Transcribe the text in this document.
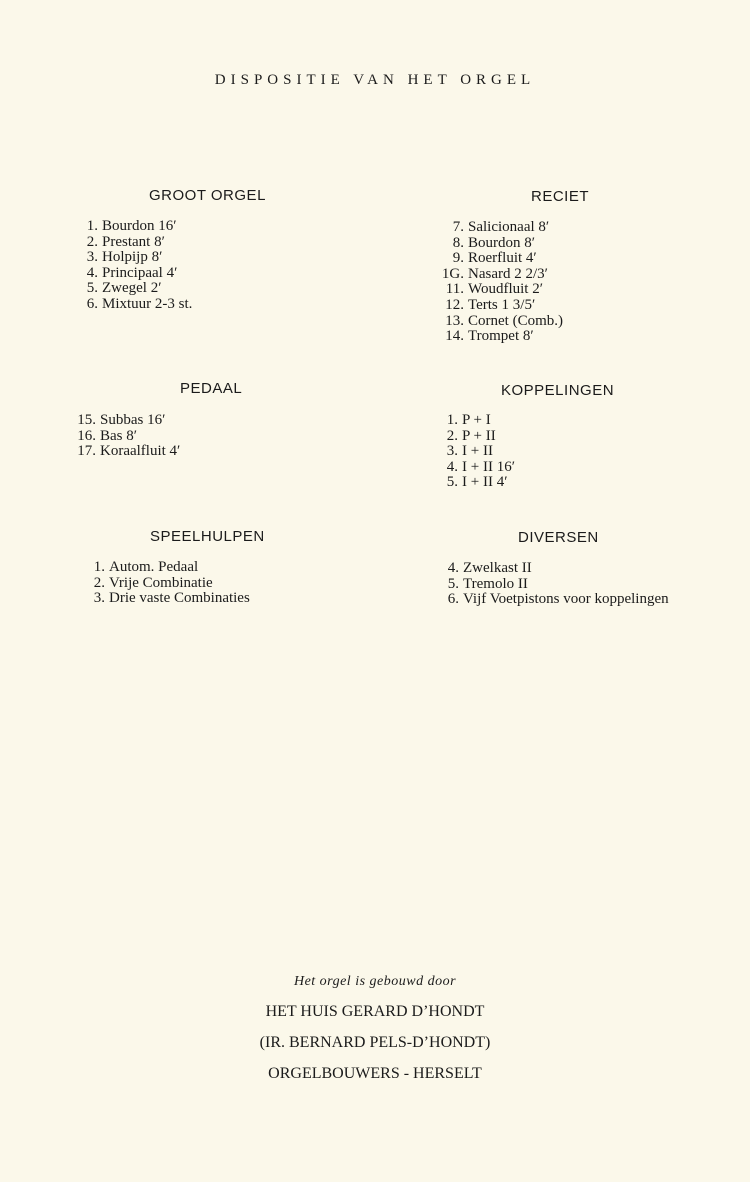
DISPOSITIE VAN HET ORGEL
GROOT ORGEL
1. Bourdon 16′
2. Prestant 8′
3. Holpijp 8′
4. Principaal 4′
5. Zwegel 2′
6. Mixtuur 2-3 st.
RECIET
7. Salicionaal 8′
8. Bourdon 8′
9. Roerfluit 4′
1G. Nasard 2 2/3′
11. Woudfluit 2′
12. Terts 1 3/5′
13. Cornet (Comb.)
14. Trompet 8′
PEDAAL
15. Subbas 16′
16. Bas 8′
17. Koraalfluit 4′
KOPPELINGEN
1. P + I
2. P + II
3. I + II
4. I + II 16′
5. I + II 4′
SPEELHULPEN
1. Autom. Pedaal
2. Vrije Combinatie
3. Drie vaste Combinaties
DIVERSEN
4. Zwelkast II
5. Tremolo II
6. Vijf Voetpistons voor koppelingen
Het orgel is gebouwd door
HET HUIS GERARD D’HONDT
(IR. BERNARD PELS-D’HONDT)
ORGELBOUWERS - HERSELT
